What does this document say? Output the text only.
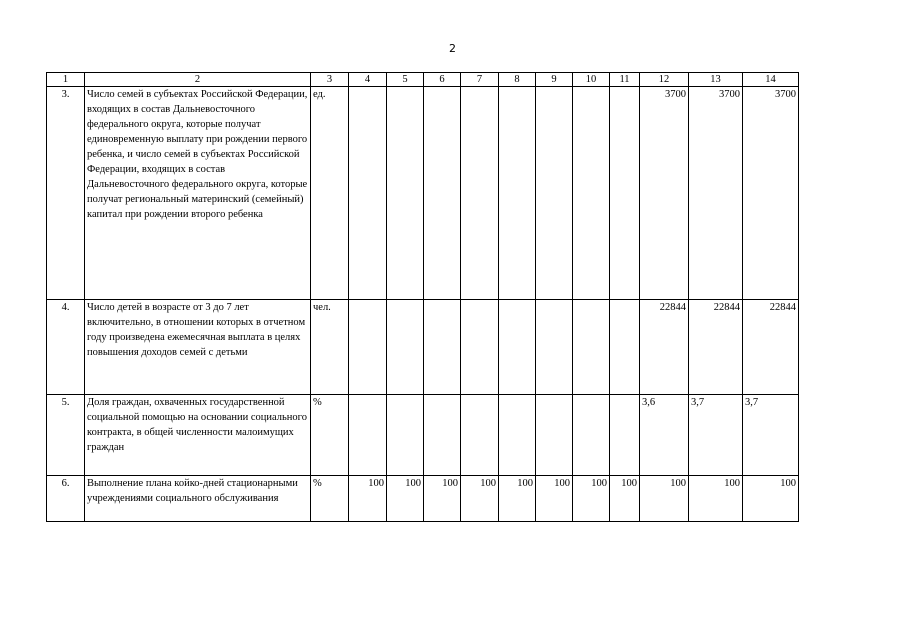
2
1	2	3	4	5	6	7	8	9	10	11	12	13	14
3.	Число семей в субъектах Российской Федерации, входящих в состав Дальневосточного федерального округа, которые получат единовременную выплату при рождении первого ребенка, и число семей в субъектах Российской Федерации, входящих в состав Дальневосточного федерального округа, которые получат региональный материнский (семейный) капитал при рождении второго ребенка	ед.									3700	3700	3700
4.	Число детей в возрасте от 3 до 7 лет включительно, в отношении которых в отчетном году произведена ежемесячная выплата в целях повышения доходов семей с детьми	чел.									22844	22844	22844
5.	Доля граждан, охваченных государственной социальной помощью на основании социального контракта, в общей численности малоимущих граждан	%									3,6	3,7	3,7
6.	Выполнение плана койко-дней стационарными учреждениями социального обслуживания	%	100	100	100	100	100	100	100	100	100	100	100
